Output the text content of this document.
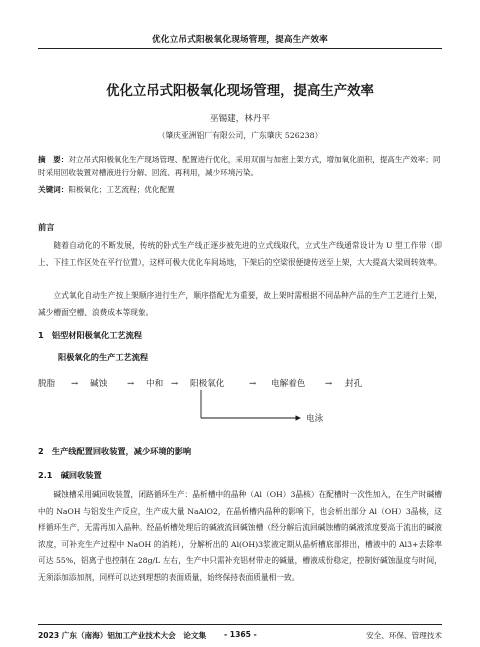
优化立吊式阳极氧化现场管理，提高生产效率
优化立吊式阳极氧化现场管理，提高生产效率
巫锡建，林丹平
（肇庆亚洲铝厂有限公司，广东肇庆 526238）
摘　要：对立吊式阳极氧化生产现场管理、配置进行优化，采用双面与加密上架方式，增加氧化面积，提高生产效率；同时采用回收装置对槽液进行分解、回流、再利用，减少环境污染。
关键词：阳极氧化；工艺流程；优化配置
前言
随着自动化的不断发展，传统的卧式生产线正逐步被先进的立式线取代，立式生产线通常设计为 U 型工作带（即上、下挂工作区处在平行位置），这样可极大优化车间场地，下架后的空梁很便捷传送至上架，大大提高大梁周转效率。
立式氧化自动生产按上架顺序进行生产，顺序搭配尤为重要，故上架时需根据不同品种产品的生产工艺进行上架，减少槽面空槽、浪费成本等现象。
1　铝型材阳极氧化工艺流程
阳极氧化的生产工艺流程
脱脂 → 碱蚀 → 中和 → 阳极氧化	→ 电解着色 → 封孔
电泳
2　生产线配置回收装置，减少环境的影响
2.1　碱回收装置
碱蚀槽采用碱回收装置，闭路循环生产：晶析槽中的晶种（Al（OH）3晶核）在配槽时一次性加入，在生产时碱槽中的 NaOH 与铝发生产反应，生产成大量 NaAlO2，在晶析槽内晶种的影响下，也会析出部分 Al（OH）3晶核，这样循环生产，无需再加入晶种。经晶析槽处理后的碱液流回碱蚀槽（经分解后流回碱蚀槽的碱液浓度要高于流出的碱液浓度，可补充生产过程中 NaOH 的消耗），分解析出的 Al(OH)3浆液定期从晶析槽底部排出，槽液中的 Al3+去除率可达 55%，铝离子也控制在 28g/L 左右，生产中只需补充铝材带走的碱量，槽液成份稳定，控制好碱蚀温度与时间，无须添加添加剂，同样可以达到理想的表面质量，始终保持表面质量相一致。
2023 广东（南海）铝加工产业技术大会　论文集 - 1365 -	安全、环保、管理技术
